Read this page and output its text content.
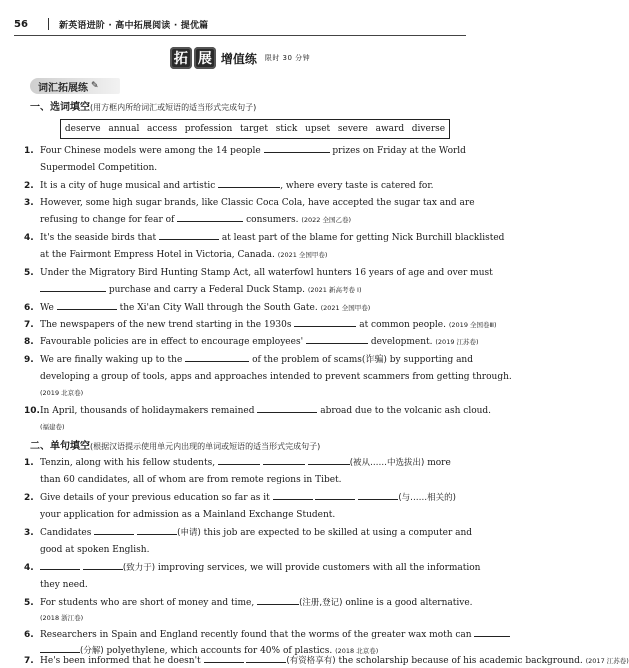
56	新英语进阶 · 高中拓展阅读 · 提优篇
拓 展 增值练 限时 30 分钟
词汇拓展练 ✎
一、选词填空(用方框内所给词汇或短语的适当形式完成句子)
deserve annual access profession target stick upset severe award diverse
1. Four Chinese models were among the 14 people	prizes on Friday at the World
Supermodel Competition.
2. It is a city of huge musical and artistic	, where every taste is catered for.
3. However, some high sugar brands, like Classic Coca Cola, have accepted the sugar tax and are
refusing to change for fear of	consumers. (2022 全国乙卷)
4. It's the seaside birds that	at least part of the blame for getting Nick Burchill blacklisted
at the Fairmont Empress Hotel in Victoria, Canada. (2021 全国甲卷)
5. Under the Migratory Bird Hunting Stamp Act, all waterfowl hunters 16 years of age and over must
purchase and carry a Federal Duck Stamp. (2021 新高考卷 I)
6. We	the Xi'an City Wall through the South Gate. (2021 全国甲卷)
7. The newspapers of the new trend starting in the 1930s	at common people. (2019 全国卷Ⅲ)
8. Favourable policies are in effect to encourage employees'	development. (2019 江苏卷)
9. We are finally waking up to the	of the problem of scams(诈骗) by supporting and
developing a group of tools, apps and approaches intended to prevent scammers from getting through.
(2019 北京卷)
10.In April, thousands of holidaymakers remained	abroad due to the volcanic ash cloud.
(福建卷)
二、单句填空(根据汉语提示使用单元内出现的单词或短语的适当形式完成句子)
1. Tenzin, along with his fellow students,	(被从……中选拔出) more
than 60 candidates, all of whom are from remote regions in Tibet.
2. Give details of your previous education so far as it	(与……相关的)
your application for admission as a Mainland Exchange Student.
3. Candidates	(申请) this job are expected to be skilled at using a computer and
good at spoken English.
4.	(致力于) improving services, we will provide customers with all the information
they need.
5. For students who are short of money and time,	(注册,登记) online is a good alternative.
(2018 浙江卷)
6. Researchers in Spain and England recently found that the worms of the greater wax moth can
(分解) polyethylene, which accounts for 40% of plastics. (2018 北京卷)
7. He's been informed that he doesn't	(有资格享有) the scholarship because of his academic background. (2017 江苏卷)
